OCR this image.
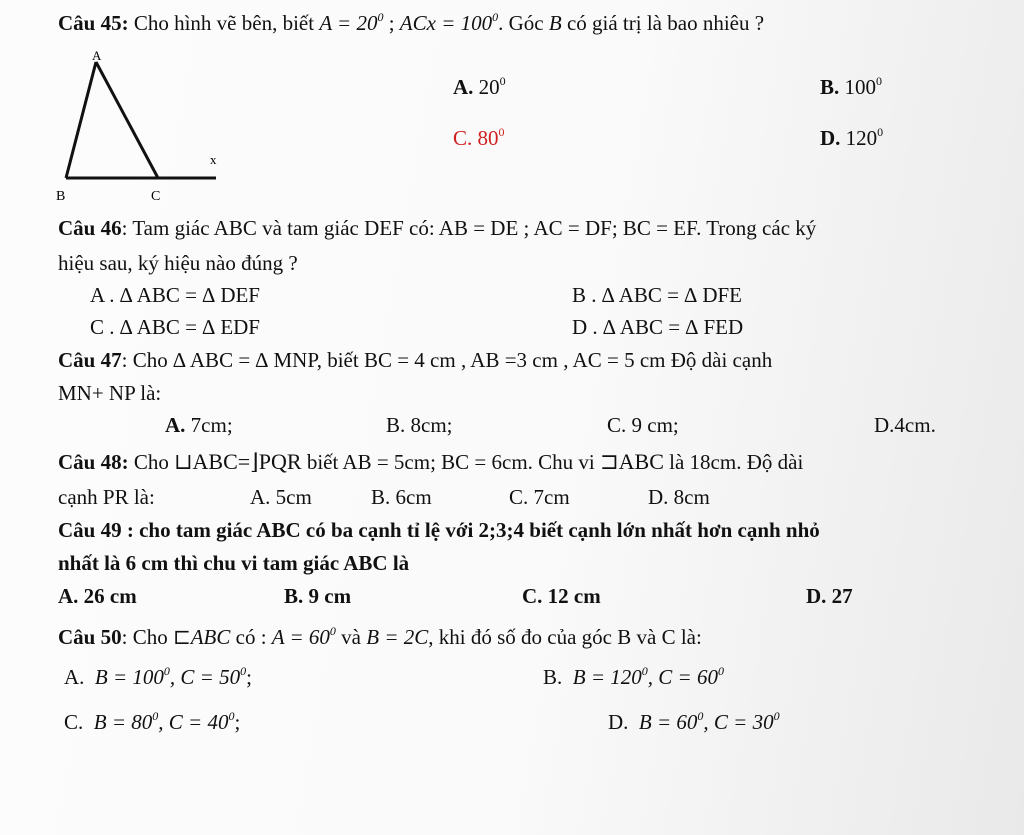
Câu 45: Cho hình vẽ bên, biết $A = 20^0$ ; ACx = $100^0$. Góc B có giá trị là bao nhiêu ?
A
x
B	C
A. $20^0$	B. $100^0$
C. $80^0$	D. $120^0$
Câu 46: Tam giác ABC và tam giác DEF có: AB = DE ; AC = DF; BC = EF. Trong các ký
hiệu sau, ký hiệu nào đúng ?
A . ∆ ABC = ∆ DEF	B . ∆ ABC = ∆ DFE
C . ∆ ABC = ∆ EDF	D . ∆ ABC = ∆ FED
Câu 47: Cho ∆ ABC = ∆ MNP, biết BC = 4 cm , AB =3 cm , AC = 5 cm Độ dài cạnh
MN+ NP là:
A. 7cm;	B. 8cm;	C. 9 cm;	D.4cm.
Câu 48: Cho ⊔ABC=⌋PQR biết AB = 5cm; BC = 6cm. Chu vi ⊐ABC là 18cm. Độ dài
cạnh PR là:	A. 5cm	B. 6cm	C. 7cm	D. 8cm
Câu 49 : cho tam giác ABC có ba cạnh tỉ lệ với 2;3;4 biết cạnh lớn nhất hơn cạnh nhỏ
nhất là 6 cm thì chu vi tam giác ABC là
A. 26 cm	B. 9 cm	C. 12 cm	D. 27
Câu 50: Cho ⊏ABC có : $A = 60^0$ và B = 2C, khi đó số đo của góc B và C là:
A. $B = 100^0$, $C = 50^0$;	B. $B = 120^0$, $C = 60^0$
C. $B = 80^0$, $C = 40^0$;	D. $B = 60^0$, $C = 30^0$
